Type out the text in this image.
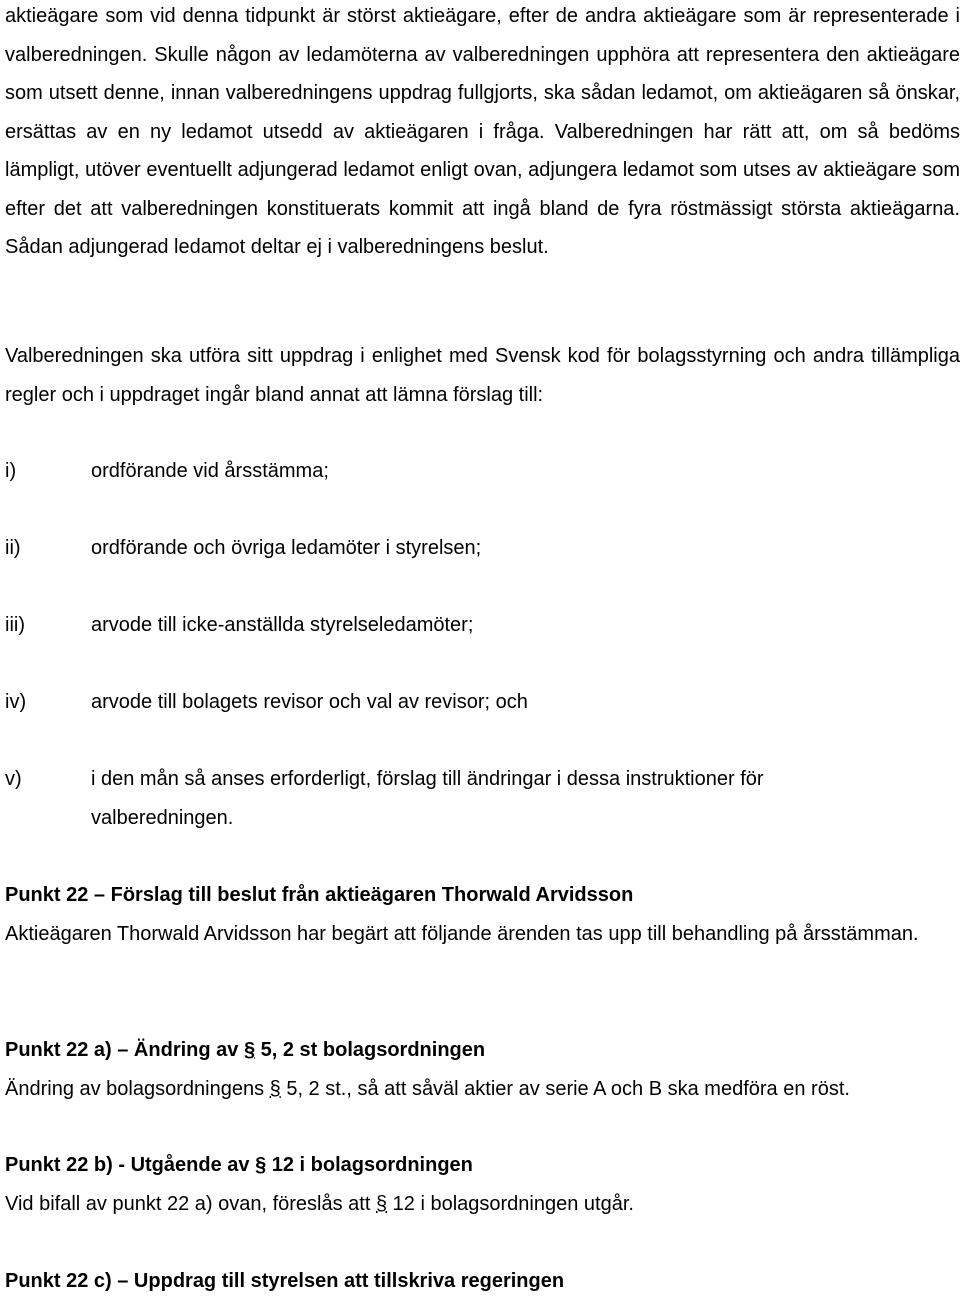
aktieägare som vid denna tidpunkt är störst aktieägare, efter de andra aktieägare som är representerade i valberedningen. Skulle någon av ledamöterna av valberedningen upphöra att representera den aktieägare som utsett denne, innan valberedningens uppdrag fullgjorts, ska sådan ledamot, om aktieägaren så önskar, ersättas av en ny ledamot utsedd av aktieägaren i fråga. Valberedningen har rätt att, om så bedöms lämpligt, utöver eventuellt adjungerad ledamot enligt ovan, adjungera ledamot som utses av aktieägare som efter det att valberedningen konstituerats kommit att ingå bland de fyra röstmässigt största aktieägarna. Sådan adjungerad ledamot deltar ej i valberedningens beslut.

Valberedningen ska utföra sitt uppdrag i enlighet med Svensk kod för bolagsstyrning och andra tillämpliga regler och i uppdraget ingår bland annat att lämna förslag till:

i)	ordförande vid årsstämma;
ii)	ordförande och övriga ledamöter i styrelsen;
iii)	arvode till icke-anställda styrelseledamöter;
iv)	arvode till bolagets revisor och val av revisor; och
v)	i den mån så anses erforderligt, förslag till ändringar i dessa instruktioner för valberedningen.

Punkt 22 – Förslag till beslut från aktieägaren Thorwald Arvidsson

Aktieägaren Thorwald Arvidsson har begärt att följande ärenden tas upp till behandling på årsstämman.

Punkt 22 a) – Ändring av § 5, 2 st bolagsordningen

Ändring av bolagsordningens § 5, 2 st., så att såväl aktier av serie A och B ska medföra en röst.

Punkt 22 b) - Utgående av § 12 i bolagsordningen

Vid bifall av punkt 22 a) ovan, föreslås att § 12 i bolagsordningen utgår.

Punkt 22 c) – Uppdrag till styrelsen att tillskriva regeringen
